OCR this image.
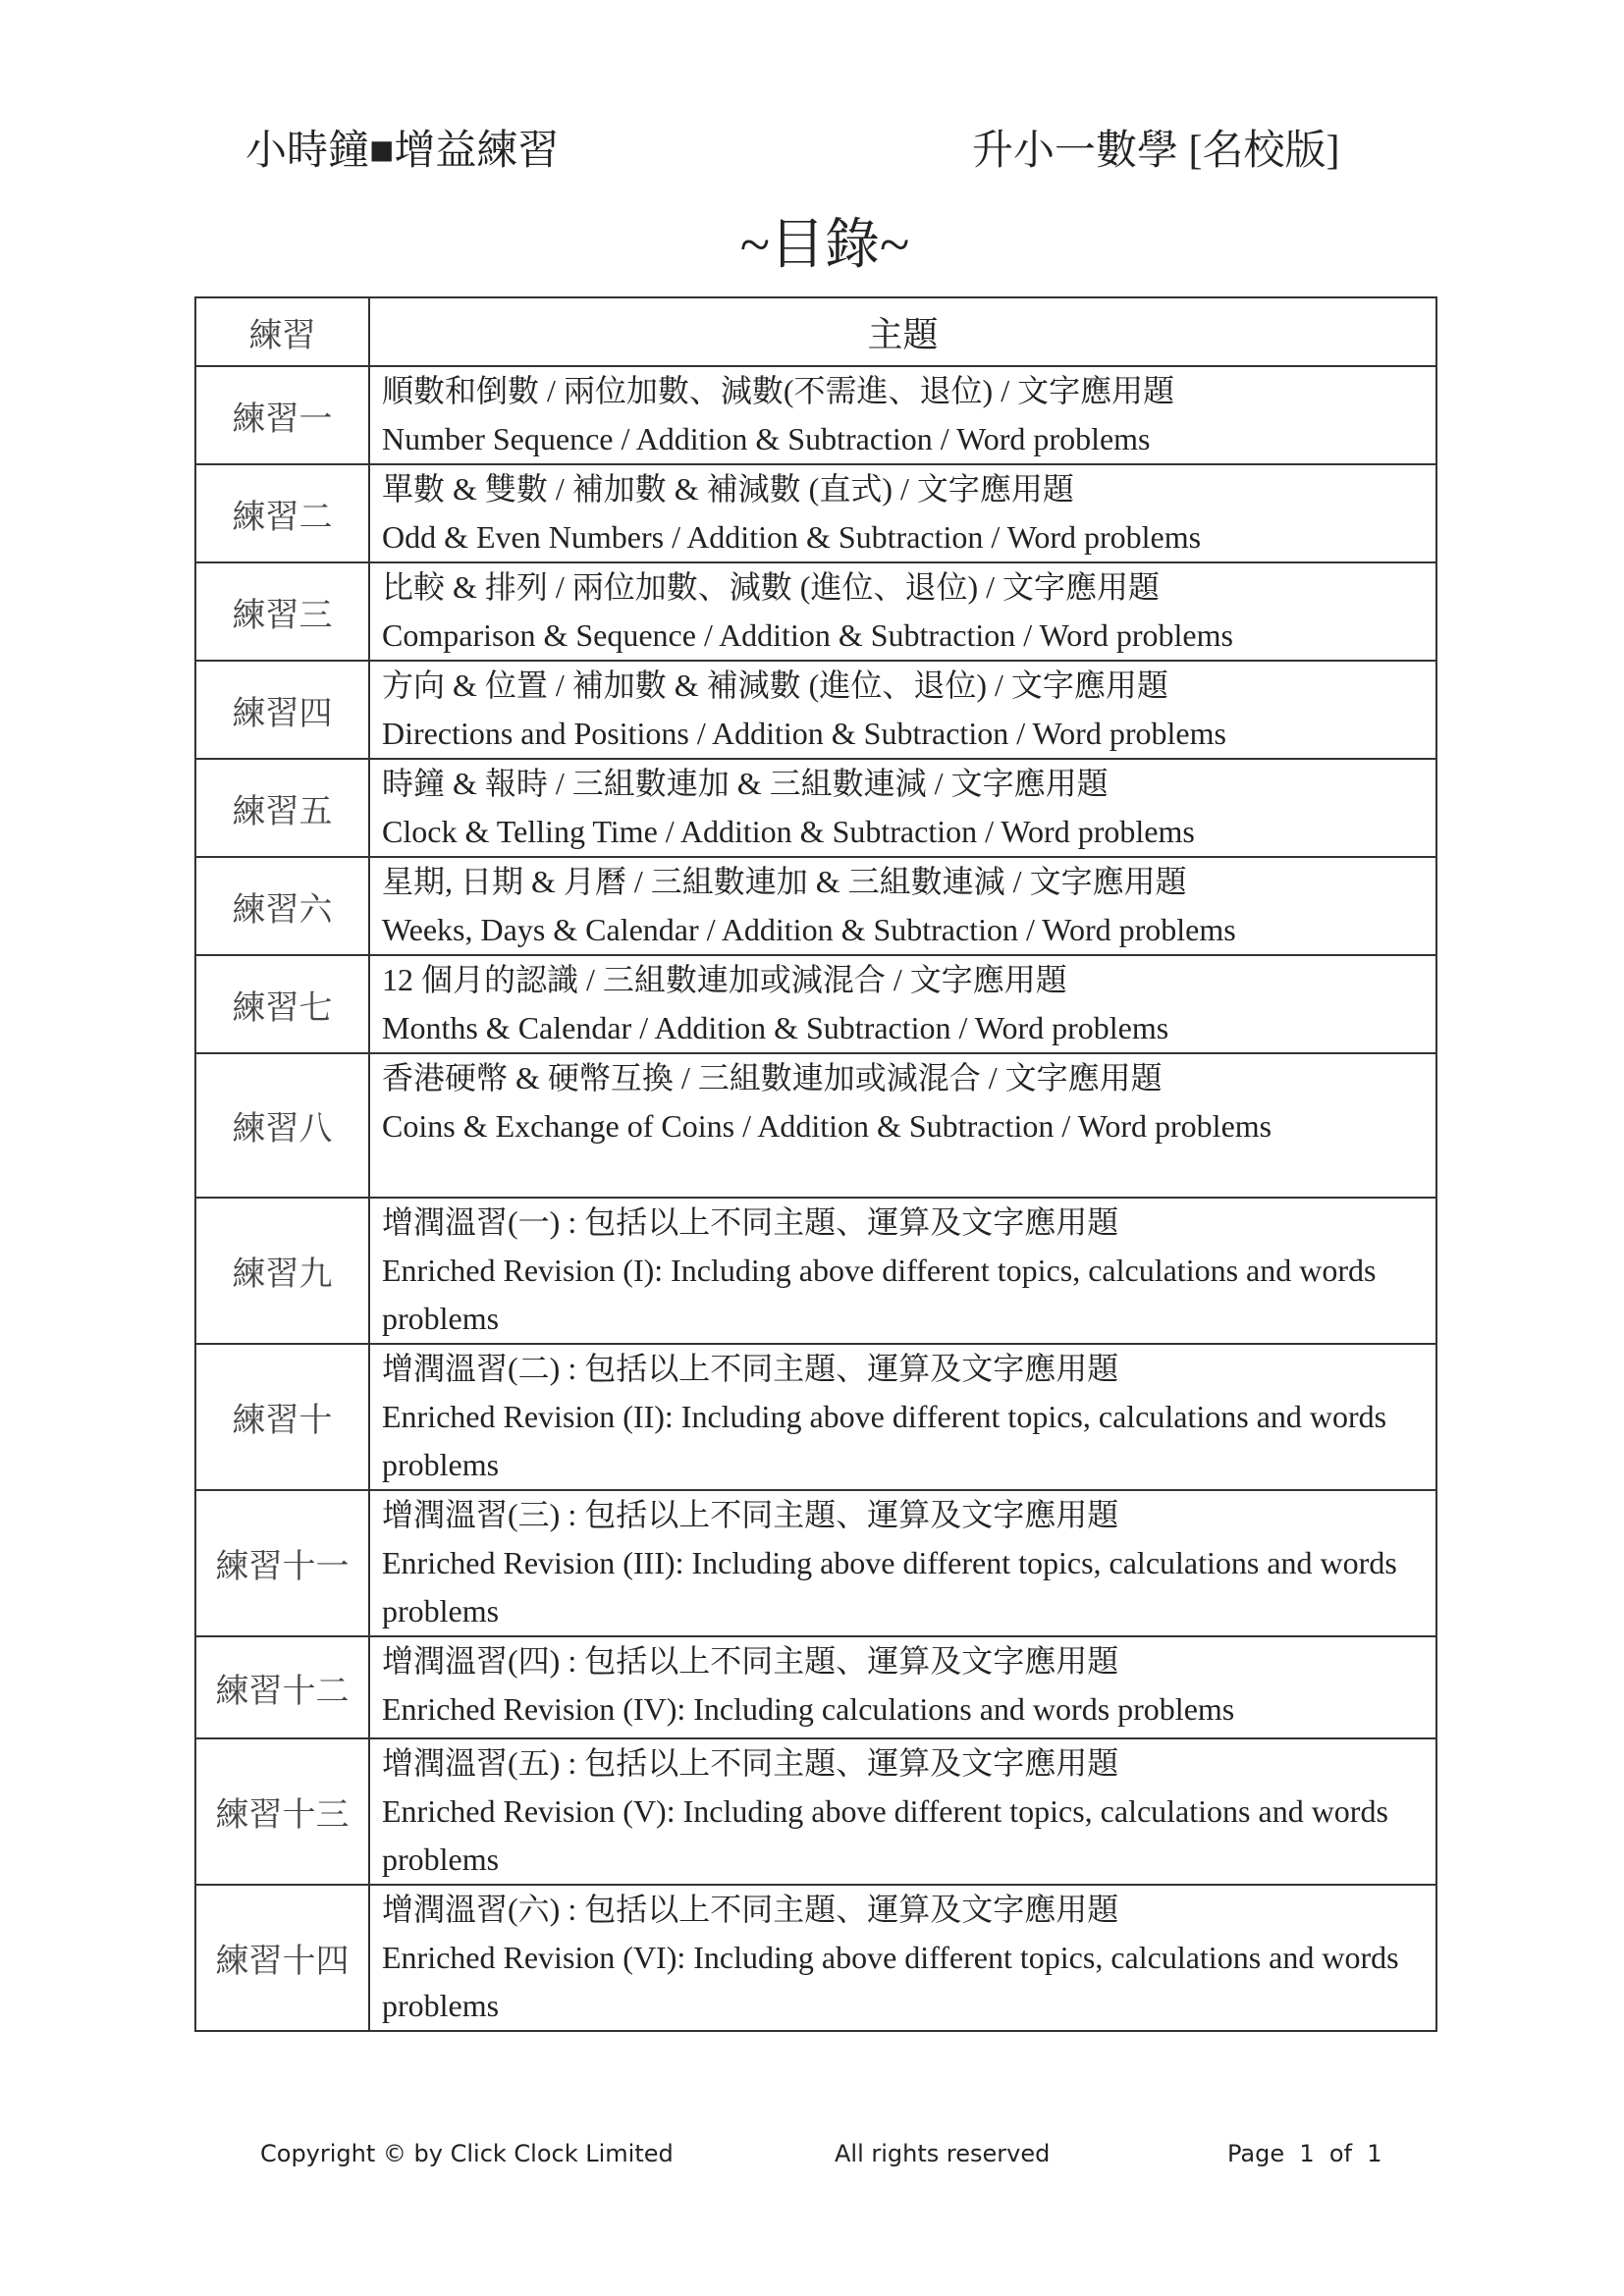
小時鐘■增益練習	升小一數學 [名校版]
~目錄~
練習	主題
練習一	順數和倒數 / 兩位加數、減數(不需進、退位) / 文字應用題
Number Sequence / Addition & Subtraction / Word problems

練習二	單數 & 雙數 / 補加數 & 補減數 (直式) / 文字應用題
Odd & Even Numbers / Addition & Subtraction / Word problems

練習三	比較 & 排列 / 兩位加數、減數 (進位、退位) / 文字應用題
Comparison & Sequence / Addition & Subtraction / Word problems

練習四	方向 & 位置 / 補加數 & 補減數 (進位、退位) / 文字應用題
Directions and Positions / Addition & Subtraction / Word problems

練習五	時鐘 & 報時 / 三組數連加 & 三組數連減 / 文字應用題
Clock & Telling Time / Addition & Subtraction / Word problems

練習六	星期, 日期 & 月曆 / 三組數連加 & 三組數連減 / 文字應用題
Weeks, Days & Calendar / Addition & Subtraction / Word problems

練習七	12 個月的認識 / 三組數連加或減混合 / 文字應用題
Months & Calendar / Addition & Subtraction / Word problems

練習八	香港硬幣 & 硬幣互換 / 三組數連加或減混合 / 文字應用題
Coins & Exchange of Coins / Addition & Subtraction / Word problems

練習九	增潤溫習(一) : 包括以上不同主題、運算及文字應用題
Enriched Revision (I): Including above different topics, calculations and words problems

練習十	增潤溫習(二) : 包括以上不同主題、運算及文字應用題
Enriched Revision (II): Including above different topics, calculations and words problems

練習十一	增潤溫習(三) : 包括以上不同主題、運算及文字應用題
Enriched Revision (III): Including above different topics, calculations and words problems

練習十二	增潤溫習(四) : 包括以上不同主題、運算及文字應用題
Enriched Revision (IV): Including calculations and words problems

練習十三	增潤溫習(五) : 包括以上不同主題、運算及文字應用題
Enriched Revision (V): Including above different topics, calculations and words problems

練習十四	增潤溫習(六) : 包括以上不同主題、運算及文字應用題
Enriched Revision (VI): Including above different topics, calculations and words problems
Copyright © by Click Clock Limited	All rights reserved	Page  1  of  1
